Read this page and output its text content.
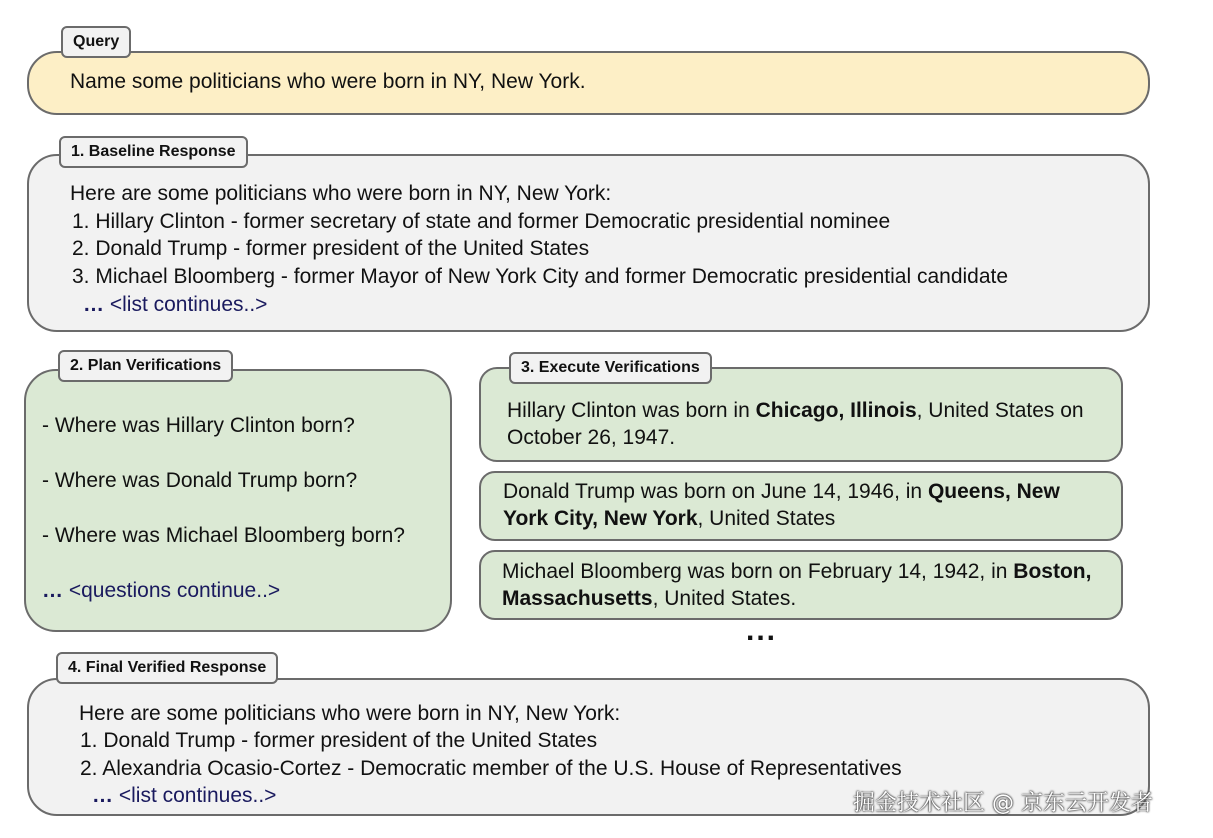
Query
Name some politicians who were born in NY, New York.
1. Baseline Response
Here are some politicians who were born in NY, New York:
1. Hillary Clinton - former secretary of state and former Democratic presidential nominee
2. Donald Trump - former president of the United States
3. Michael Bloomberg - former Mayor of New York City and former Democratic presidential candidate
… <list continues..>
2. Plan Verifications
- Where was Hillary Clinton born?
- Where was Donald Trump born?
- Where was Michael Bloomberg born?
… <questions continue..>
3. Execute Verifications
Hillary Clinton was born in Chicago, Illinois, United States on October 26, 1947.
Donald Trump was born on June 14, 1946, in Queens, New York City, New York, United States
Michael Bloomberg was born on February 14, 1942, in Boston, Massachusetts, United States.
...
4. Final Verified Response
Here are some politicians who were born in NY, New York:
1. Donald Trump - former president of the United States
2. Alexandria Ocasio-Cortez - Democratic member of the U.S. House of Representatives
… <list continues..>	掘金技术社区 @ 京东云开发者
